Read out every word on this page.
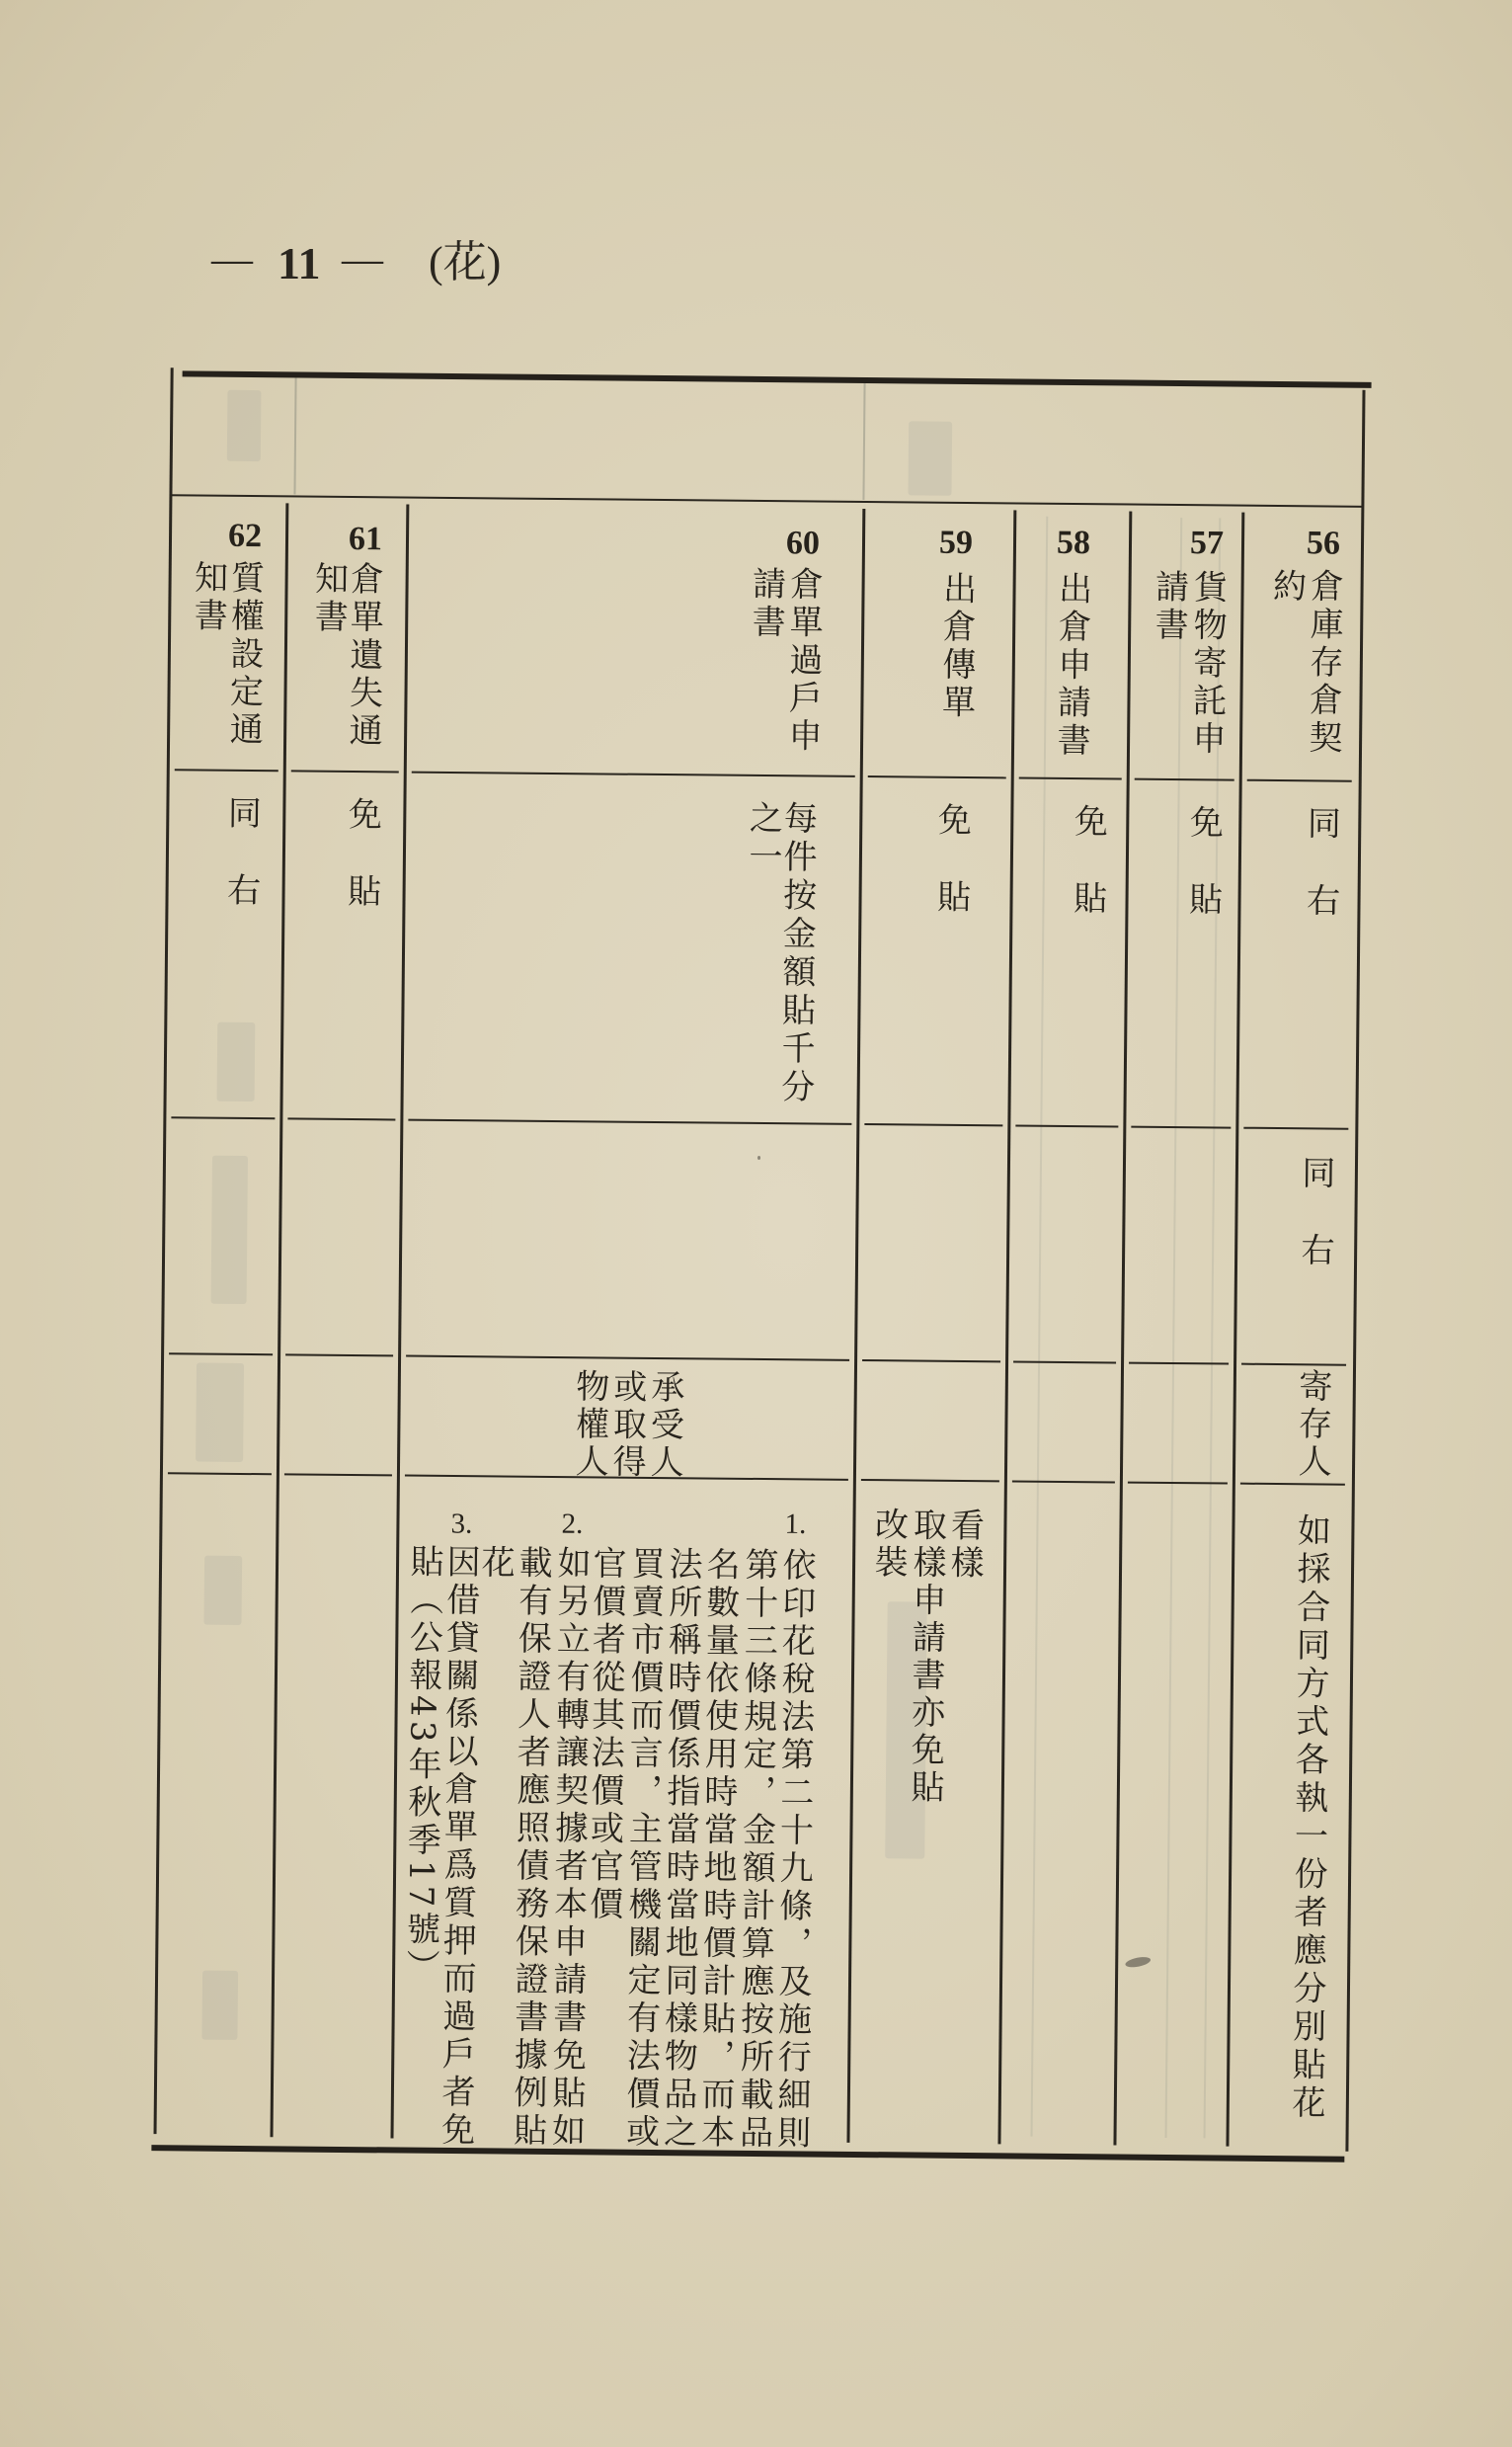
— 11 — (花)
56
倉庫存倉契
約
同右
同右
寄存人
如採合同方式各執一份者應分別貼花
57
貨物寄託申
請書
免貼
58
出倉申請書
免貼
59
出倉傳單
免貼
看樣
取樣申請書亦免貼
改裝
60
倉單過戶申
請書
每件按金額貼千分
之一
承受人
或取得
物權人
1.
依印花稅法第二十九條，及施行細則
第十三條規定，金額計算應按所載品
名數量依使用時當地時價計貼，而本
法所稱時價係指當時當地同樣物品之
買賣市價而言，主管機關定有法價或
官價者從其法價或官價
2.
如另立有轉讓契據者本申請書免貼如
載有保證人者應照債務保證書據例貼
花
3.
因借貸關係以倉單爲質押而過戶者免
貼（公報43年秋季17號）
61
倉單遺失通
知書
免貼
62
質權設定通
知書
同右
